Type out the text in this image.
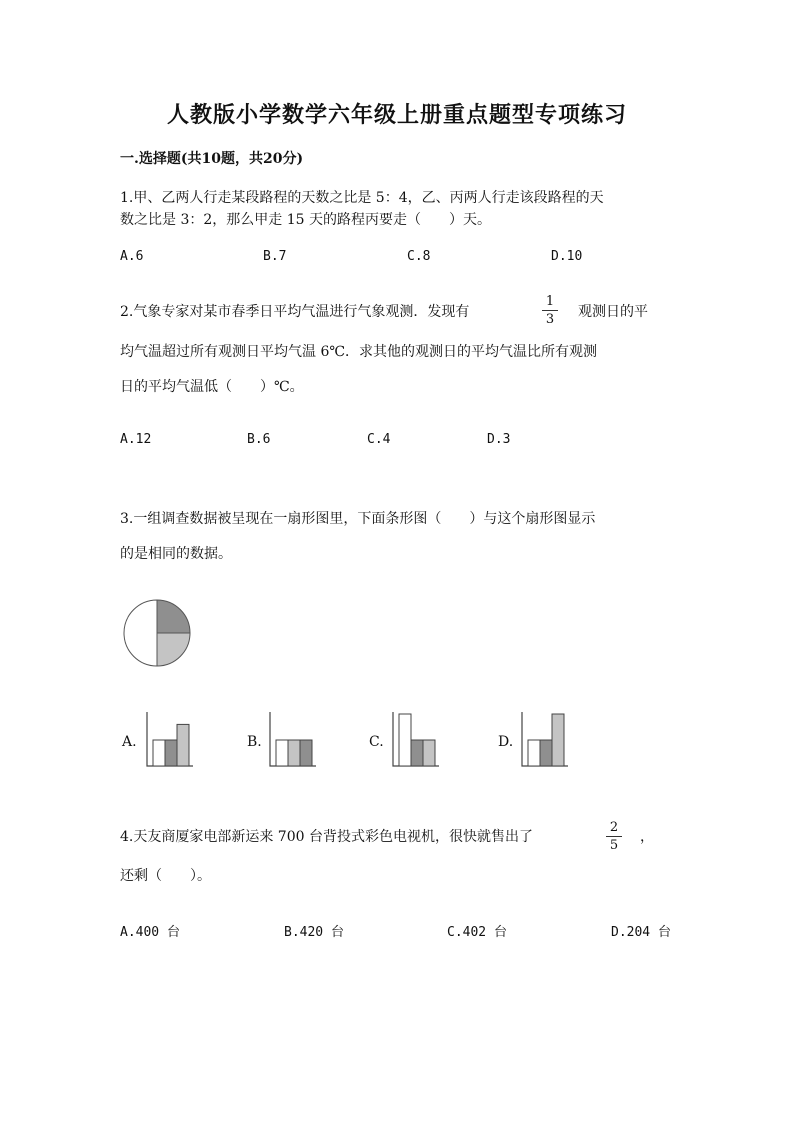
人教版小学数学六年级上册重点题型专项练习
一.选择题(共10题，共20分)
1.甲、乙两人行走某段路程的天数之比是 5：4，乙、丙两人行走该段路程的天
数之比是 3：2，那么甲走 15 天的路程丙要走（　　）天。
A.6	B.7	C.8	D.10
2.气象专家对某市春季日平均气温进行气象观测．发现有
1
3	观测日的平
均气温超过所有观测日平均气温 6℃．求其他的观测日的平均气温比所有观测
日的平均气温低（　　）℃。
A.12	B.6	C.4	D.3
3.一组调查数据被呈现在一扇形图里，下面条形图（　　）与这个扇形图显示
的是相同的数据。
A.	B.	C.	D.
4.天友商厦家电部新运来 700 台背投式彩色电视机，很快就售出了
2
5
，
还剩（　　）。
A.400 台	B.420 台	C.402 台	D.204 台
